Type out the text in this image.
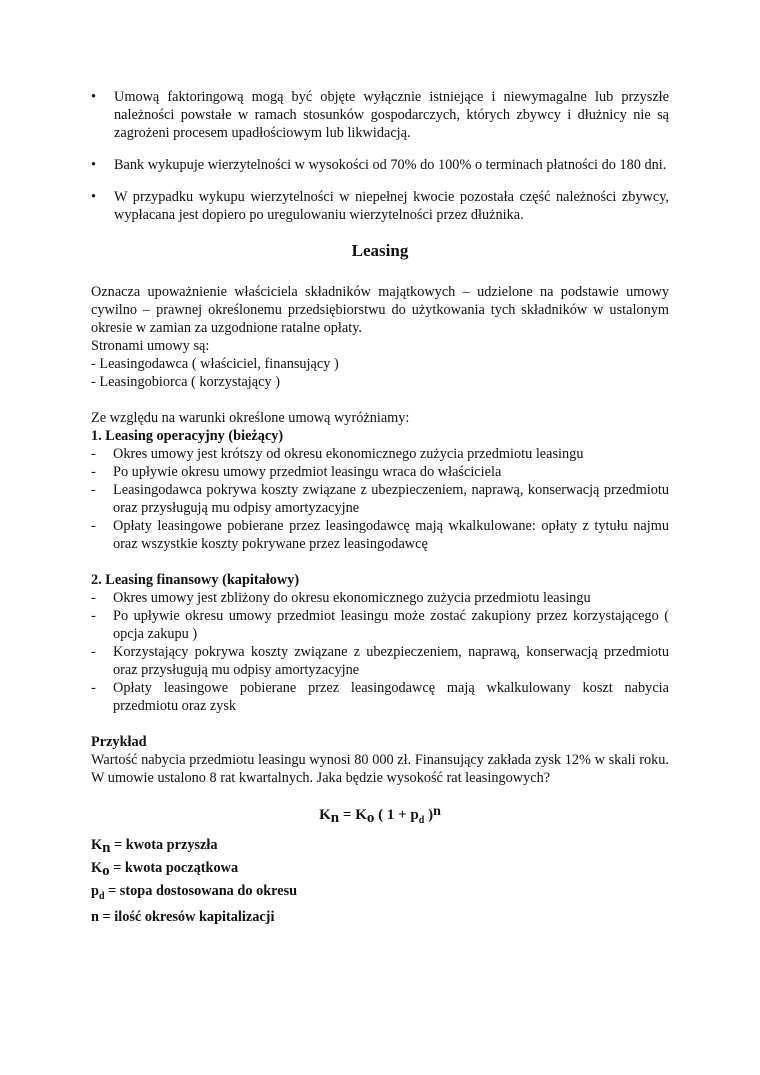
• Umową faktoringową mogą być objęte wyłącznie istniejące i niewymagalne lub przyszłe należności powstałe w ramach stosunków gospodarczych, których zbywcy i dłużnicy nie są zagrożeni procesem upadłościowym lub likwidacją.
• Bank wykupuje wierzytelności w wysokości od 70% do 100% o terminach płatności do 180 dni.
• W przypadku wykupu wierzytelności w niepełnej kwocie pozostała część należności zbywcy, wypłacana jest dopiero po uregulowaniu wierzytelności przez dłużnika.
Leasing

Oznacza upoważnienie właściciela składników majątkowych – udzielone na podstawie umowy cywilno – prawnej określonemu przedsiębiorstwu do użytkowania tych składników w ustalonym okresie w zamian za uzgodnione ratalne opłaty.

Stronami umowy są:

- Leasingodawca ( właściciel, finansujący )

- Leasingobiorca ( korzystający )

Ze względu na warunki określone umową wyróżniamy:

1. Leasing operacyjny (bieżący)

- Okres umowy jest krótszy od okresu ekonomicznego zużycia przedmiotu leasingu
- Po upływie okresu umowy przedmiot leasingu wraca do właściciela
- Leasingodawca pokrywa koszty związane z ubezpieczeniem, naprawą, konserwacją przedmiotu oraz przysługują mu odpisy amortyzacyjne
- Opłaty leasingowe pobierane przez leasingodawcę mają wkalkulowane: opłaty z tytułu najmu oraz wszystkie koszty pokrywane przez leasingodawcę

2. Leasing finansowy (kapitałowy)

- Okres umowy jest zbliżony do okresu ekonomicznego zużycia przedmiotu leasingu
- Po upływie okresu umowy przedmiot leasingu może zostać zakupiony przez korzystającego ( opcja zakupu )
- Korzystający pokrywa koszty związane z ubezpieczeniem, naprawą, konserwacją przedmiotu oraz przysługują mu odpisy amortyzacyjne
- Opłaty leasingowe pobierane przez leasingodawcę mają wkalkulowany koszt nabycia przedmiotu oraz zysk

Przykład

Wartość nabycia przedmiotu leasingu wynosi 80 000 zł. Finansujący zakłada zysk 12% w skali roku. W umowie ustalono 8 rat kwartalnych. Jaka będzie wysokość rat leasingowych?

$K_n = K_o$ ( $1 + p_d$ )$^n$
$K_n$ = kwota przyszła
$K_o$ = kwota początkowa
$p_d$ = stopa dostosowana do okresu
n = ilość okresów kapitalizacji
